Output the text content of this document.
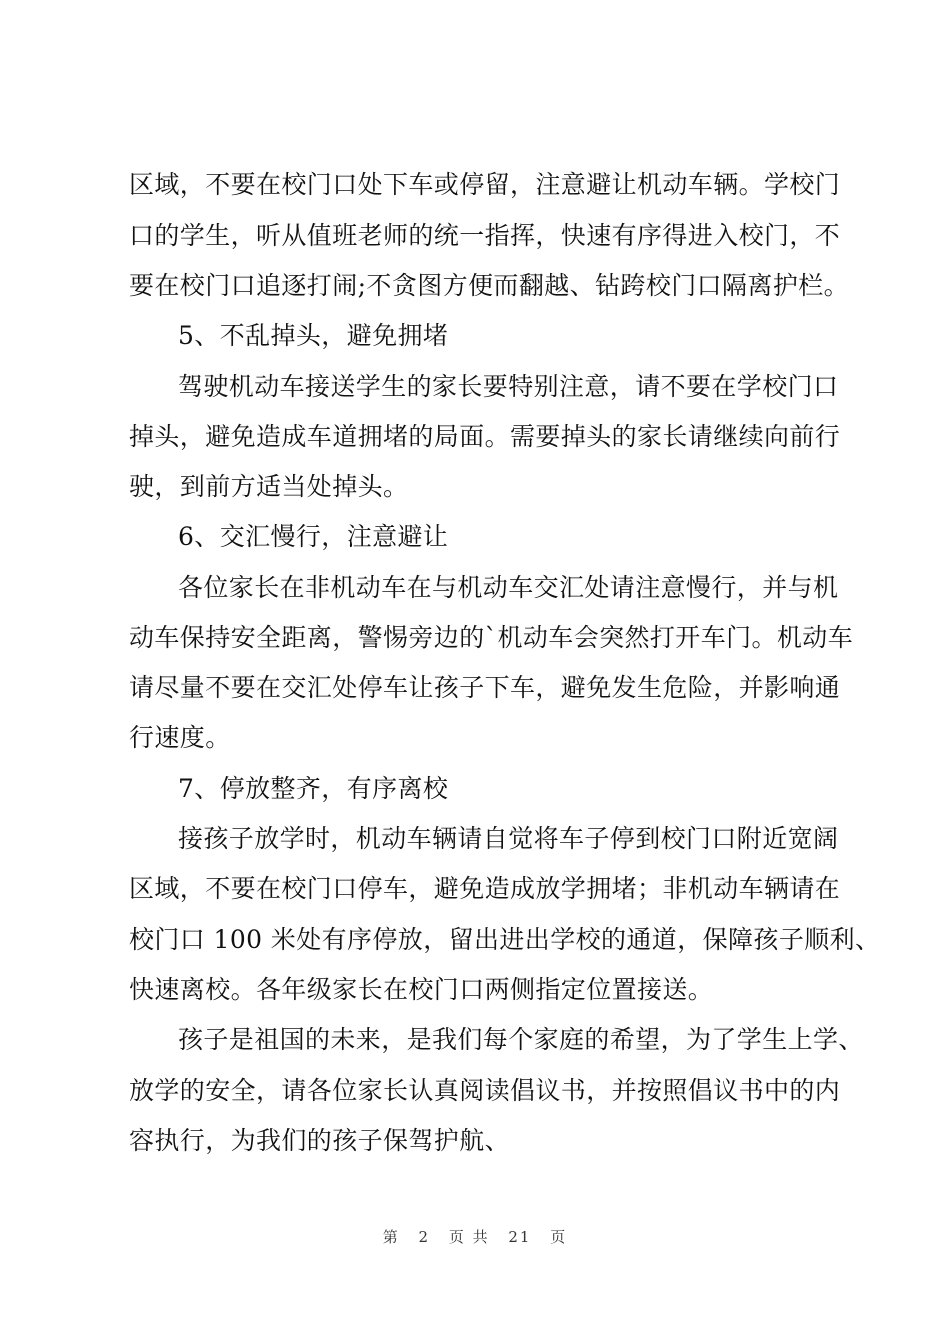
区域，不要在校门口处下车或停留，注意避让机动车辆。学校门
口的学生，听从值班老师的统一指挥，快速有序得进入校门，不
要在校门口追逐打闹;不贪图方便而翻越、钻跨校门口隔离护栏。
5、不乱掉头，避免拥堵
驾驶机动车接送学生的家长要特别注意，请不要在学校门口
掉头，避免造成车道拥堵的局面。需要掉头的家长请继续向前行
驶，到前方适当处掉头。
6、交汇慢行，注意避让
各位家长在非机动车在与机动车交汇处请注意慢行，并与机
动车保持安全距离，警惕旁边的`机动车会突然打开车门。机动车
请尽量不要在交汇处停车让孩子下车，避免发生危险，并影响通
行速度。
7、停放整齐，有序离校
接孩子放学时，机动车辆请自觉将车子停到校门口附近宽阔
区域，不要在校门口停车，避免造成放学拥堵；非机动车辆请在
校门口 100 米处有序停放，留出进出学校的通道，保障孩子顺利、
快速离校。各年级家长在校门口两侧指定位置接送。
孩子是祖国的未来，是我们每个家庭的希望，为了学生上学、
放学的安全，请各位家长认真阅读倡议书，并按照倡议书中的内
容执行，为我们的孩子保驾护航、
第 2 页 共 21 页
